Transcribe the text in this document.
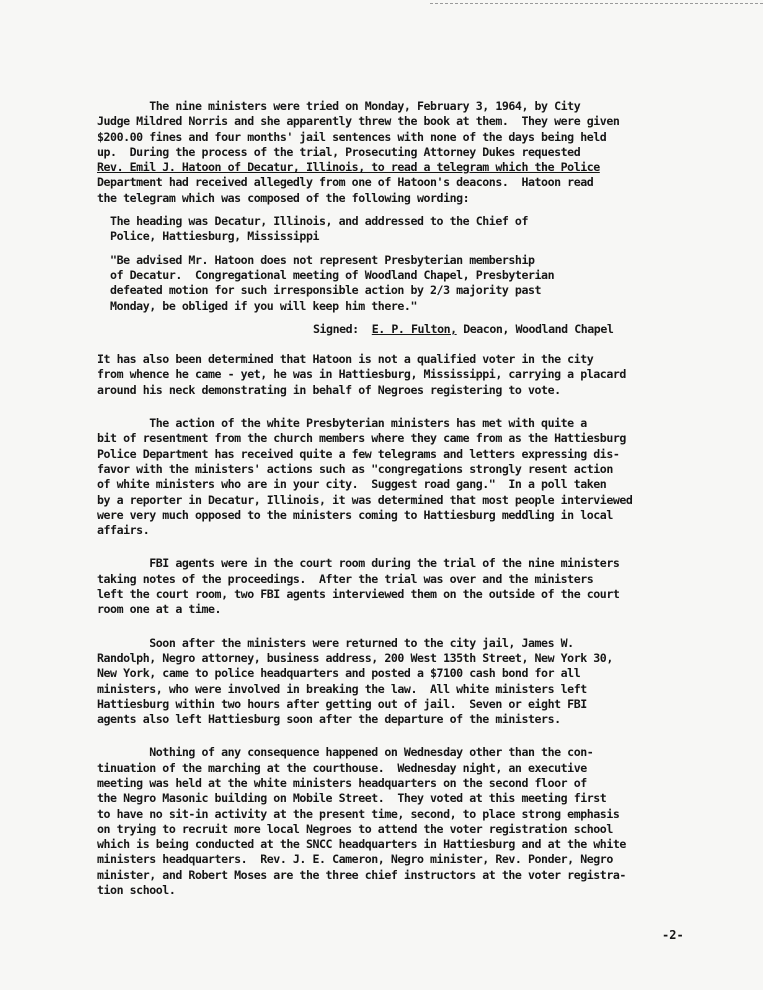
The nine ministers were tried on Monday, February 3, 1964, by City

Judge Mildred Norris and she apparently threw the book at them.  They were given

$200.00 fines and four months' jail sentences with none of the days being held

up.  During the process of the trial, Prosecuting Attorney Dukes requested

Rev. Emil J. Hatoon of Decatur, Illinois, to read a telegram which the Police

Department had received allegedly from one of Hatoon's deacons.  Hatoon read

the telegram which was composed of the following wording:

The heading was Decatur, Illinois, and addressed to the Chief of

Police, Hattiesburg, Mississippi

"Be advised Mr. Hatoon does not represent Presbyterian membership

of Decatur.  Congregational meeting of Woodland Chapel, Presbyterian

defeated motion for such irresponsible action by 2/3 majority past

Monday, be obliged if you will keep him there."

Signed: E. P. Fulton, Deacon, Woodland Chapel

It has also been determined that Hatoon is not a qualified voter in the city

from whence he came - yet, he was in Hattiesburg, Mississippi, carrying a placard

around his neck demonstrating in behalf of Negroes registering to vote.

The action of the white Presbyterian ministers has met with quite a

bit of resentment from the church members where they came from as the Hattiesburg

Police Department has received quite a few telegrams and letters expressing dis-

favor with the ministers' actions such as "congregations strongly resent action

of white ministers who are in your city.  Suggest road gang."  In a poll taken

by a reporter in Decatur, Illinois, it was determined that most people interviewed

were very much opposed to the ministers coming to Hattiesburg meddling in local

affairs.

FBI agents were in the court room during the trial of the nine ministers

taking notes of the proceedings.  After the trial was over and the ministers

left the court room, two FBI agents interviewed them on the outside of the court

room one at a time.

Soon after the ministers were returned to the city jail, James W.

Randolph, Negro attorney, business address, 200 West 135th Street, New York 30,

New York, came to police headquarters and posted a $7100 cash bond for all

ministers, who were involved in breaking the law.  All white ministers left

Hattiesburg within two hours after getting out of jail.  Seven or eight FBI

agents also left Hattiesburg soon after the departure of the ministers.

Nothing of any consequence happened on Wednesday other than the con-

tinuation of the marching at the courthouse.  Wednesday night, an executive

meeting was held at the white ministers headquarters on the second floor of

the Negro Masonic building on Mobile Street.  They voted at this meeting first

to have no sit-in activity at the present time, second, to place strong emphasis

on trying to recruit more local Negroes to attend the voter registration school

which is being conducted at the SNCC headquarters in Hattiesburg and at the white

ministers headquarters.  Rev. J. E. Cameron, Negro minister, Rev. Ponder, Negro

minister, and Robert Moses are the three chief instructors at the voter registra-

tion school.

-2-
